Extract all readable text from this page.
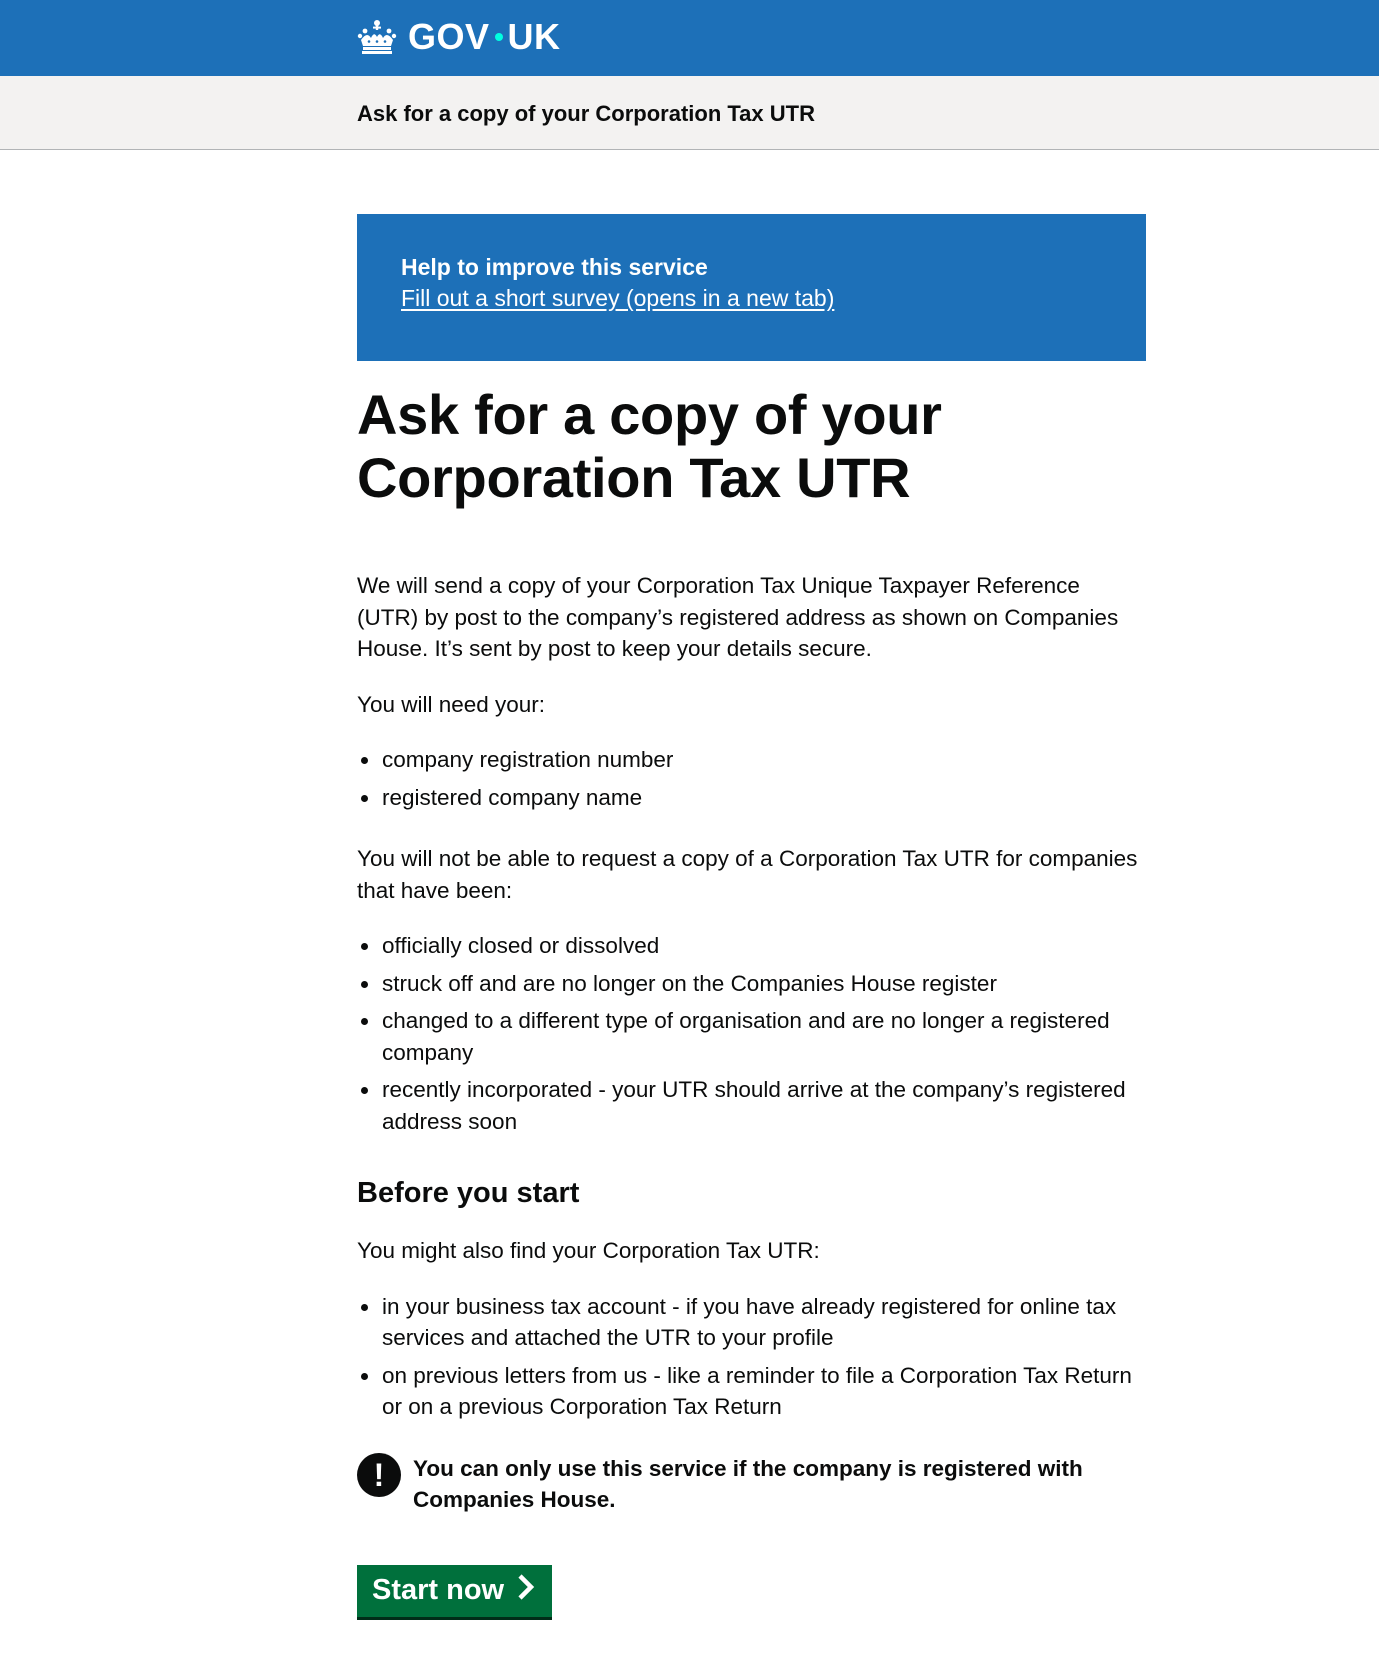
GOV UK
Ask for a copy of your Corporation Tax UTR
Help to improve this service
Fill out a short survey (opens in a new tab)
Ask for a copy of your Corporation Tax UTR

We will send a copy of your Corporation Tax Unique Taxpayer Reference (UTR) by post to the company’s registered address as shown on Companies House. It’s sent by post to keep your details secure.

You will need your:

company registration number
registered company name

You will not be able to request a copy of a Corporation Tax UTR for companies that have been:

officially closed or dissolved
struck off and are no longer on the Companies House register
changed to a different type of organisation and are no longer a registered company
recently incorporated - your UTR should arrive at the company’s registered address soon
Before you start

You might also find your Corporation Tax UTR:

in your business tax account - if you have already registered for online tax services and attached the UTR to your profile
on previous letters from us - like a reminder to file a Corporation Tax Return or on a previous Corporation Tax Return
!	You can only use this service if the company is registered with Companies House.
Start now
